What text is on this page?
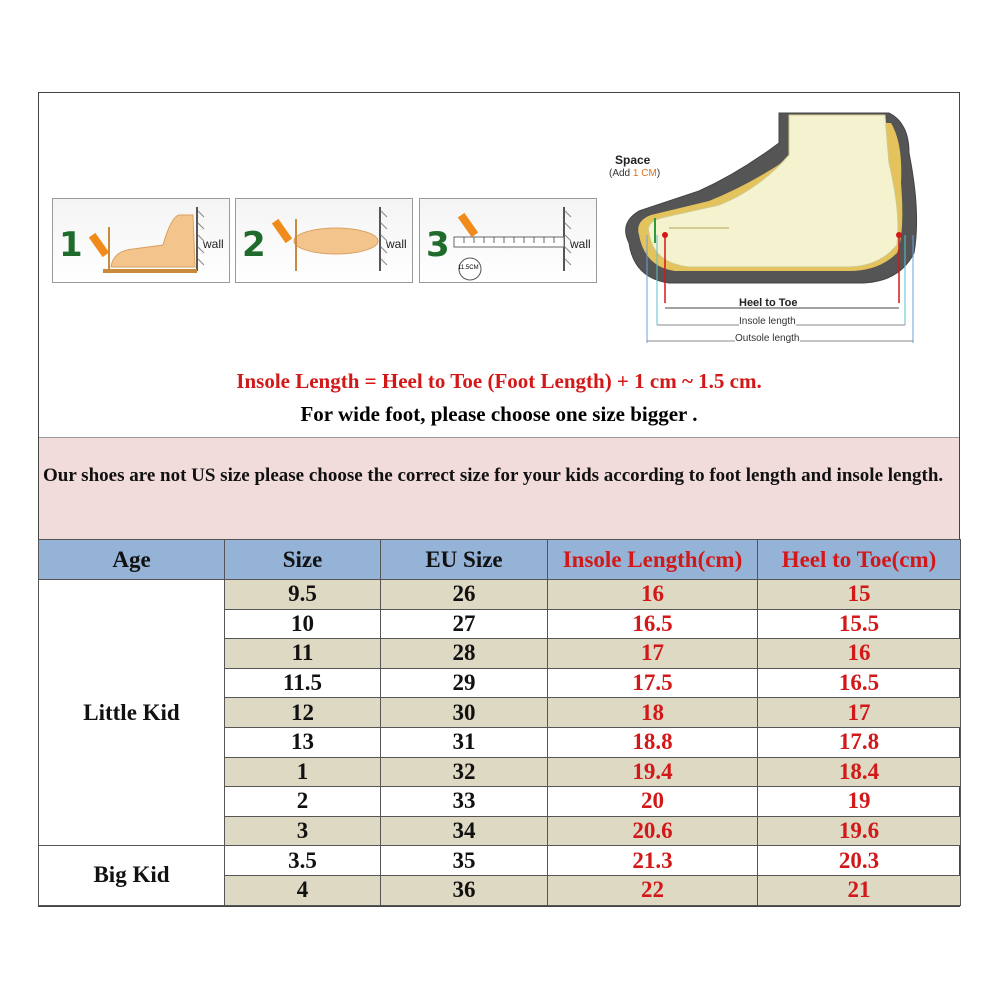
1	wall 2	wall 3
11.5CM
wall
Space
(Add 1 CM)
Heel to Toe
Insole length
Outsole length
Insole Length = Heel to Toe (Foot Length) + 1 cm ~ 1.5 cm.
For wide foot, please choose one size bigger .

Our shoes are not US size please choose the correct size for your kids according to foot length and insole length.

Age	Size	EU Size	Insole Length(cm)	Heel to Toe(cm)
Little Kid	9.5	26	16	15
	10	27	16.5	15.5
	11	28	17	16
	11.5	29	17.5	16.5
	12	30	18	17
	13	31	18.8	17.8
	1	32	19.4	18.4
	2	33	20	19
	3	34	20.6	19.6
Big Kid	3.5	35	21.3	20.3
	4	36	22	21
